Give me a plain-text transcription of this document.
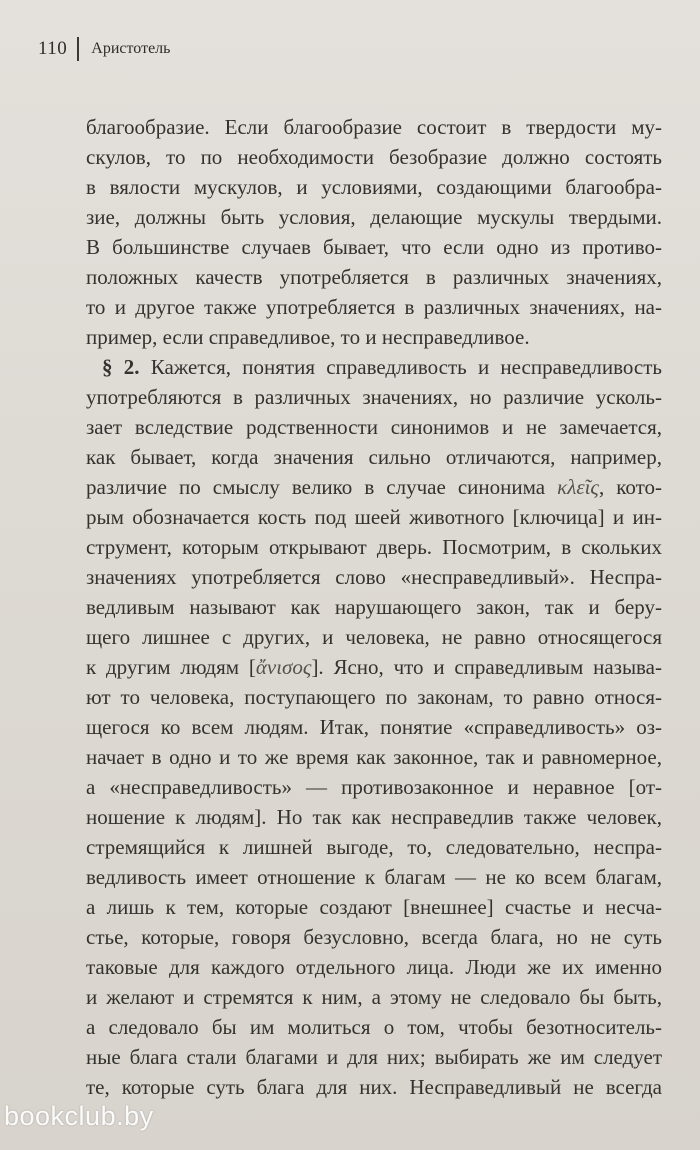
110 Аристотель
благообразие. Если благообразие состоит в твердости му-
скулов, то по необходимости безобразие должно состоять
в вялости мускулов, и условиями, создающими благообра-
зие, должны быть условия, делающие мускулы твердыми.
В большинстве случаев бывает, что если одно из противо-
положных качеств употребляется в различных значениях,
то и другое также употребляется в различных значениях, на-
пример, если справедливое, то и несправедливое.
§ 2. Кажется, понятия справедливость и несправедливость
употребляются в различных значениях, но различие усколь-
зает вследствие родственности синонимов и не замечается,
как бывает, когда значения сильно отличаются, например,
различие по смыслу велико в случае синонима κλεῖς, кото-
рым обозначается кость под шеей животного [ключица] и ин-
струмент, которым открывают дверь. Посмотрим, в скольких
значениях употребляется слово «несправедливый». Неспра-
ведливым называют как нарушающего закон, так и беру-
щего лишнее с других, и человека, не равно относящегося
к другим людям [ἄνισος]. Ясно, что и справедливым называ-
ют то человека, поступающего по законам, то равно относя-
щегося ко всем людям. Итак, понятие «справедливость» оз-
начает в одно и то же время как законное, так и равномерное,
а «несправедливость» — противозаконное и неравное [от-
ношение к людям]. Но так как несправедлив также человек,
стремящийся к лишней выгоде, то, следовательно, неспра-
ведливость имеет отношение к благам — не ко всем благам,
а лишь к тем, которые создают [внешнее] счастье и несча-
стье, которые, говоря безусловно, всегда блага, но не суть
таковые для каждого отдельного лица. Люди же их именно
и желают и стремятся к ним, а этому не следовало бы быть,
а следовало бы им молиться о том, чтобы безотноситель-
ные блага стали благами и для них; выбирать же им следует
те, которые суть блага для них. Несправедливый не всегда
bookclub.by
